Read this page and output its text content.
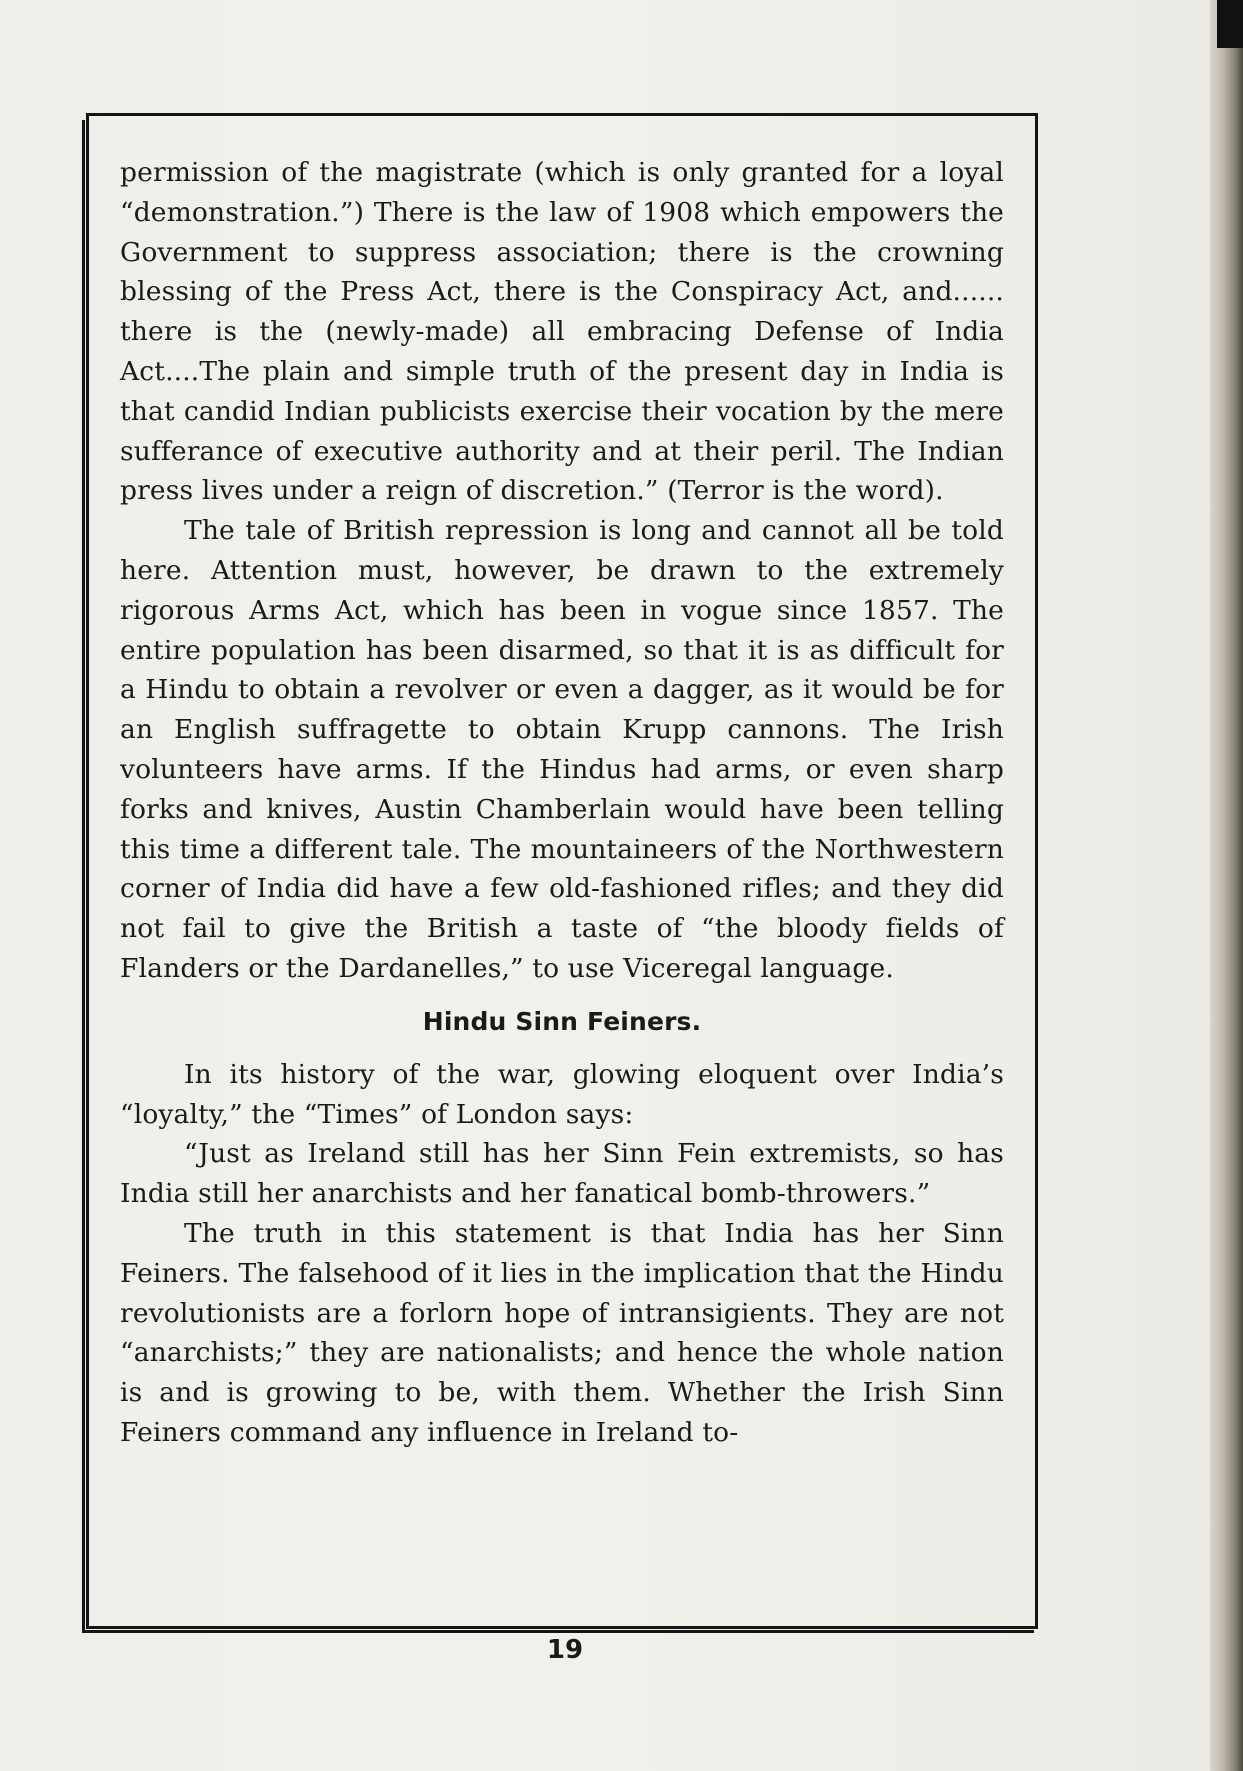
permission of the magistrate (which is only granted for a loyal “demonstration.”) There is the law of 1908 which empowers the Government to suppress association; there is the crowning blessing of the Press Act, there is the Conspiracy Act, and...... there is the (newly-made) all embracing Defense of India Act....The plain and simple truth of the present day in India is that candid Indian publicists exercise their vocation by the mere sufferance of executive authority and at their peril. The Indian press lives under a reign of discretion.” (Terror is the word).

The tale of British repression is long and cannot all be told here. Attention must, however, be drawn to the extremely rigorous Arms Act, which has been in vogue since 1857. The entire population has been disarmed, so that it is as difficult for a Hindu to obtain a revolver or even a dagger, as it would be for an English suffragette to obtain Krupp cannons. The Irish volunteers have arms. If the Hindus had arms, or even sharp forks and knives, Austin Chamberlain would have been telling this time a different tale. The mountaineers of the Northwestern corner of India did have a few old-fashioned rifles; and they did not fail to give the British a taste of “the bloody fields of Flanders or the Dardanelles,” to use Viceregal language.

Hindu Sinn Feiners.

In its history of the war, glowing eloquent over India’s “loyalty,” the “Times” of London says:

“Just as Ireland still has her Sinn Fein extremists, so has India still her anarchists and her fanatical bomb-throwers.”

The truth in this statement is that India has her Sinn Feiners. The falsehood of it lies in the implication that the Hindu revolutionists are a forlorn hope of intransigients. They are not “anarchists;” they are nationalists; and hence the whole nation is and is growing to be, with them. Whether the Irish Sinn Feiners command any influence in Ireland to-

19
